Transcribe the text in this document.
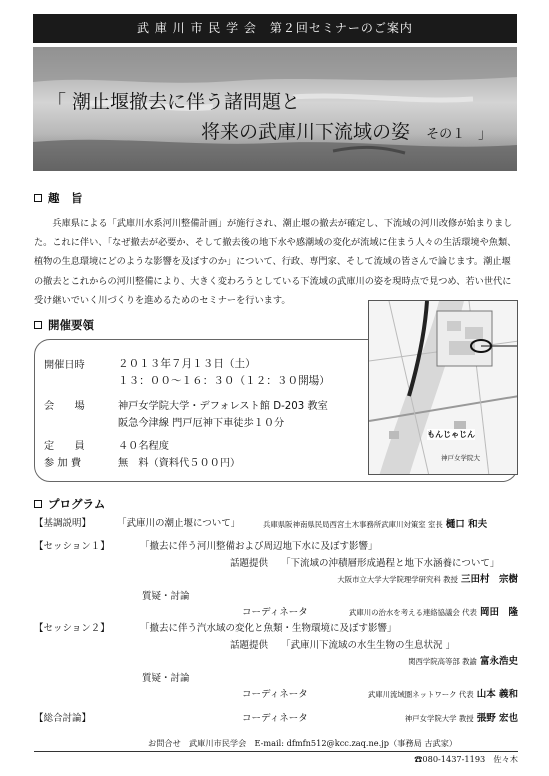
武 庫 川 市 民 学 会　第２回セミナーのご案内
「 潮止堰撤去に伴う諸問題と
将来の武庫川下流域の姿 その１　」
趣　旨

兵庫県による「武庫川水系河川整備計画」が施行され、潮止堰の撤去が確定し、下流域の河川改修が始まりました。これに伴い、「なぜ撤去が必要か、そして撤去後の地下水や感潮域の変化が流域に住まう人々の生活環境や魚類、植物の生息環境にどのような影響を及ぼすのか」について、行政、専門家、そして流域の皆さんで論じます。潮止堰の撤去とこれからの河川整備により、大きく変わろうとしている下流域の武庫川の姿を現時点で見つめ、若い世代に受け継いでいく川づくりを進めるためのセミナーを行います。

開催要領
開催日時	２０１３年７月１３日（土）
１３：００～１６：３０（１２：３０開場）
会　　場	神戸女学院大学・デフォレスト館 D-203 教室
阪急今津線 門戸厄神下車徒歩１０分
定　　員	４０名程度
参 加 費	無　料（資料代５００円）
もんじゃじん
神戸女学院大
プログラム
【基調説明】	「武庫川の潮止堰について」	兵庫県阪神南県民局西宮土木事務所武庫川対策室 室長 樋口 和夫
【セッション１】	「撤去に伴う河川整備および周辺地下水に及ぼす影響」
話題提供 「下流域の沖積層形成過程と地下水涵養について」
大阪市立大学大学院理学研究科 教授 三田村　宗樹
質疑・討論
コーディネータ	武庫川の治水を考える連絡協議会 代表 岡田　隆
【セッション２】	「撤去に伴う汽水域の変化と魚類・生物環境に及ぼす影響」
話題提供 「武庫川下流域の水生生物の生息状況 」
関西学院高等部 教諭 富永浩史
質疑・討論
コーディネータ	武庫川流域圏ネットワーク 代表 山本 義和
【総合討論】	コーディネータ	神戸女学院大学 教授 張野 宏也
お問合せ　武庫川市民学会　E-mail: dfmfn512@kcc.zaq.ne.jp（事務局 古武家）
☎080-1437-1193　佐々木
